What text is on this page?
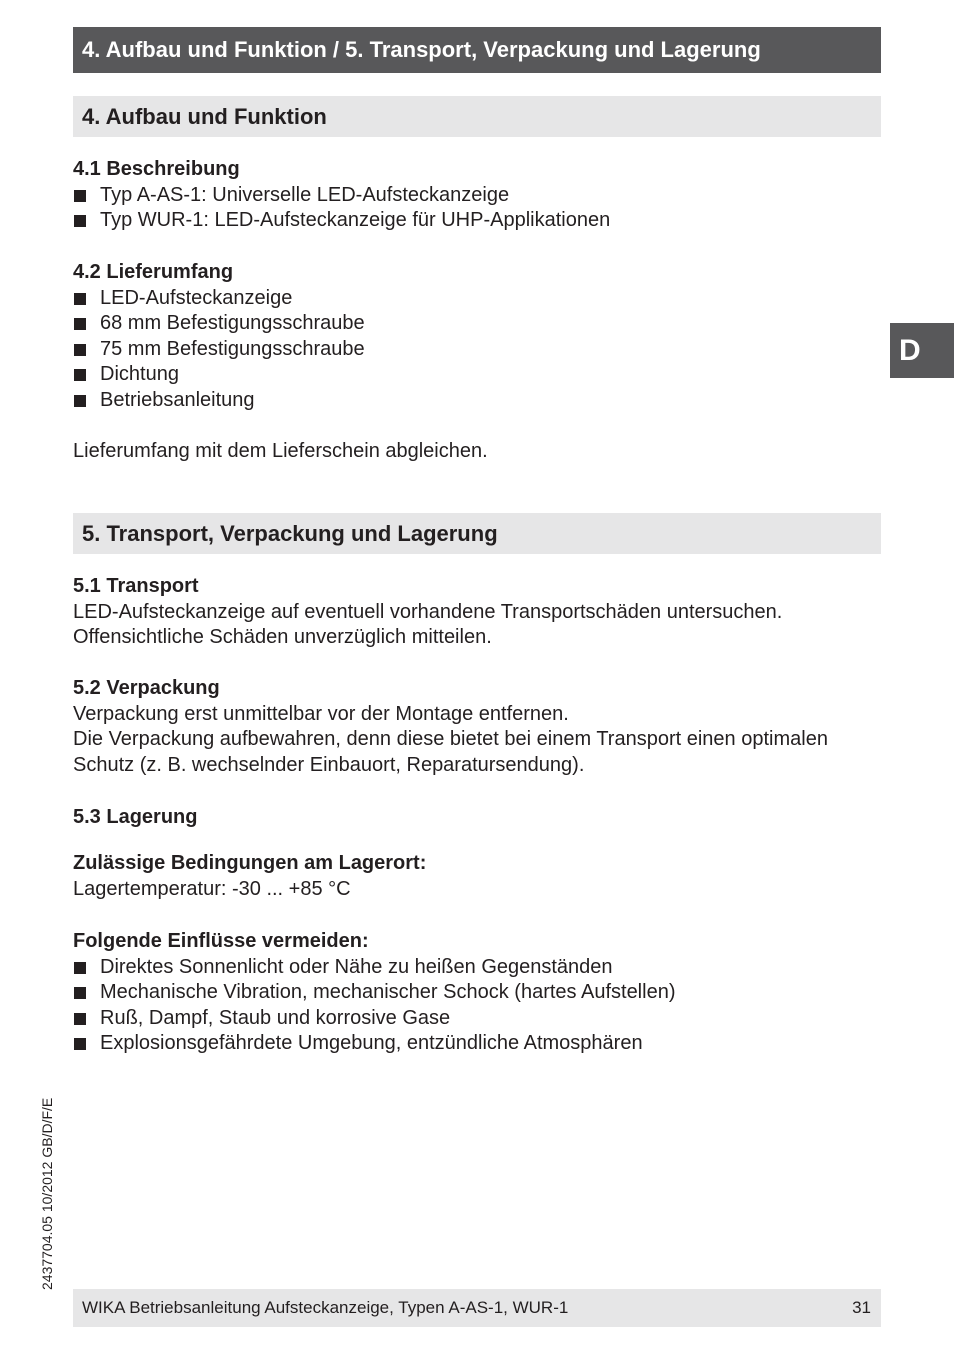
4. Aufbau und Funktion / 5. Transport, Verpackung und Lagerung
4. Aufbau und Funktion
4.1 Beschreibung
Typ A-AS-1: Universelle LED-Aufsteckanzeige
Typ WUR-1: LED-Aufsteckanzeige für UHP-Applikationen
4.2 Lieferumfang
LED-Aufsteckanzeige
68 mm Befestigungsschraube
75 mm Befestigungsschraube
Dichtung
Betriebsanleitung

Lieferumfang mit dem Lieferschein abgleichen.

5. Transport, Verpackung und Lagerung
5.1 Transport

LED-Aufsteckanzeige auf eventuell vorhandene Transportschäden untersuchen.

Offensichtliche Schäden unverzüglich mitteilen.

5.2 Verpackung

Verpackung erst unmittelbar vor der Montage entfernen.

Die Verpackung aufbewahren, denn diese bietet bei einem Transport einen optimalen

Schutz (z. B. wechselnder Einbauort, Reparatursendung).

5.3 Lagerung
Zulässige Bedingungen am Lagerort:

Lagertemperatur: -30 ... +85 °C

Folgende Einflüsse vermeiden:
Direktes Sonnenlicht oder Nähe zu heißen Gegenständen
Mechanische Vibration, mechanischer Schock (hartes Aufstellen)
Ruß, Dampf, Staub und korrosive Gase
Explosionsgefährdete Umgebung, entzündliche Atmosphären
D
2437704.05 10/2012 GB/D/F/E
WIKA Betriebsanleitung Aufsteckanzeige, Typen A-AS-1, WUR-1	31
